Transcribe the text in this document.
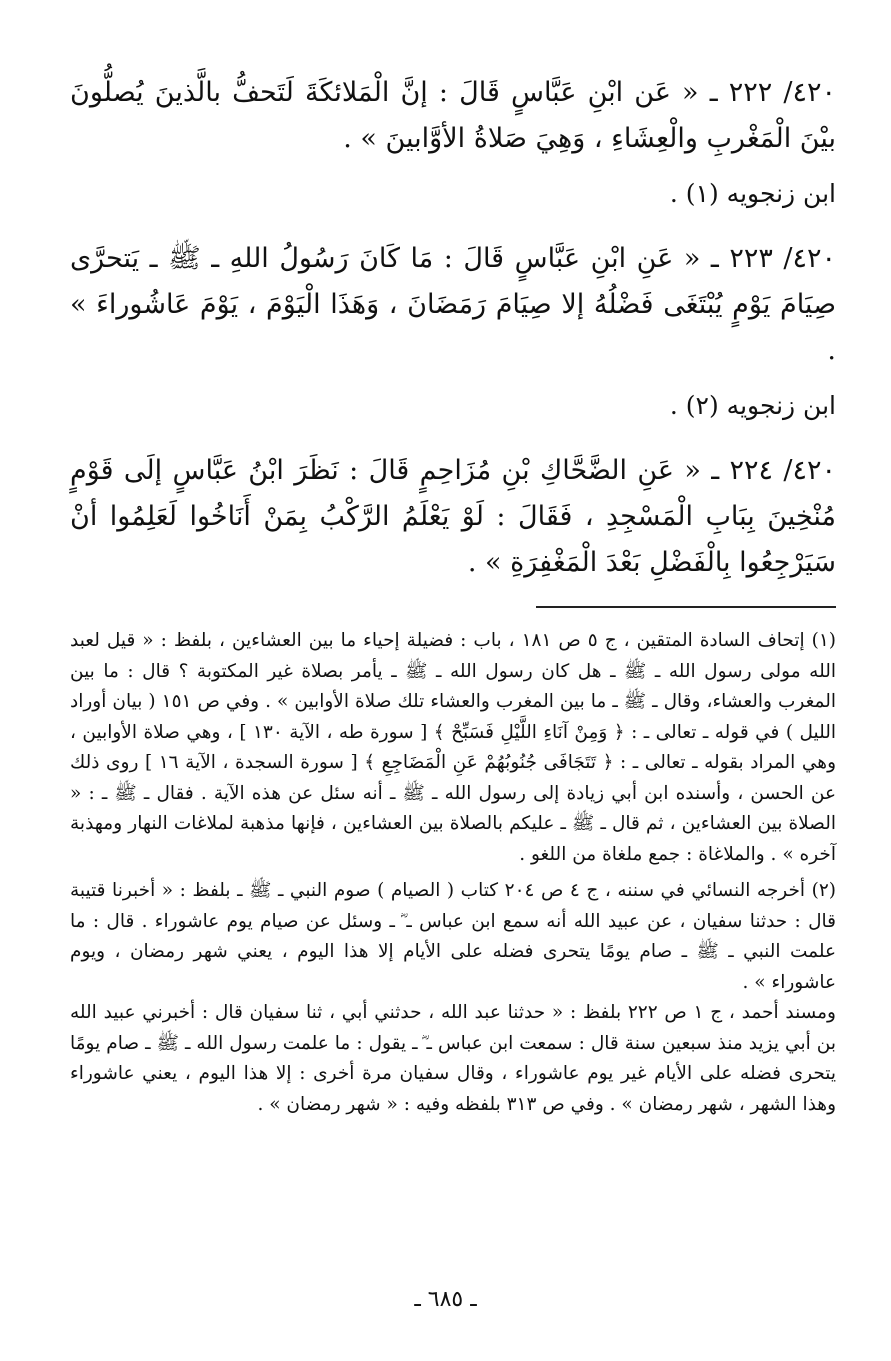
٤٢٠/ ٢٢٢ ـ « عَن ابْنِ عَبَّاسٍ قَالَ : إنَّ الْمَلائكَةَ لَتَحفُّ بالَّذينَ يُصلُّونَ بيْنَ الْمَغْربِ والْعِشَاءِ ، وَهِيَ صَلاةُ الأوَّابينَ » .

ابن زنجويه (١) .

٤٢٠/ ٢٢٣ ـ « عَنِ ابْنِ عَبَّاسٍ قَالَ : مَا كَانَ رَسُولُ اللهِ ـ ﷺ ـ يَتحرَّى صِيَامَ يَوْمٍ يُبْتَغَى فَضْلُهُ إلا صِيَامَ رَمَضَانَ ، وَهَذَا الْيَوْمَ ، يَوْمَ عَاشُوراءَ » .

ابن زنجويه (٢) .

٤٢٠/ ٢٢٤ ـ « عَنِ الضَّحَّاكِ بْنِ مُزَاحِمٍ قَالَ : نَظَرَ ابْنُ عَبَّاسٍ إلَى قَوْمٍ مُنْخِينَ بِبَابِ الْمَسْجِدِ ، فَقَالَ : لَوْ يَعْلَمُ الرَّكْبُ بِمَنْ أَنَاخُوا لَعَلِمُوا أنْ سَيَرْجِعُوا بِالْفَضْلِ بَعْدَ الْمَغْفِرَةِ » .

(١) إتحاف السادة المتقين ، ج ٥ ص ١٨١ ، باب : فضيلة إحياء ما بين العشاءين ، بلفظ : « قيل لعبد الله مولى رسول الله ـ ﷺ ـ هل كان رسول الله ـ ﷺ ـ يأمر بصلاة غير المكتوبة ؟ قال : ما بين المغرب والعشاء، وقال ـ ﷺ ـ ما بين المغرب والعشاء تلك صلاة الأوابين » . وفي ص ١٥١ ( بيان أوراد الليل ) في قوله ـ تعالى ـ : ﴿ وَمِنْ آنَاءِ اللَّيْلِ فَسَبِّحْ ﴾ [ سورة طه ، الآية ١٣٠ ] ، وهي صلاة الأوابين ، وهي المراد بقوله ـ تعالى ـ : ﴿ تَتَجَافَى جُنُوبُهُمْ عَنِ الْمَضَاجِعِ ﴾ [ سورة السجدة ، الآية ١٦ ] روى ذلك عن الحسن ، وأسنده ابن أبي زيادة إلى رسول الله ـ ﷺ ـ أنه سئل عن هذه الآية . فقال ـ ﷺ ـ : « الصلاة بين العشاءين ، ثم قال ـ ﷺ ـ عليكم بالصلاة بين العشاءين ، فإنها مذهبة لملاغات النهار ومهذبة آخره » . والملاغاة : جمع ملغاة من اللغو .

(٢) أخرجه النسائي في سننه ، ج ٤ ص ٢٠٤ كتاب ( الصيام ) صوم النبي ـ ﷺ ـ بلفظ : « أخبرنا قتيبة قال : حدثنا سفيان ، عن عبيد الله أنه سمع ابن عباس ـ ؓ ـ وسئل عن صيام يوم عاشوراء . قال : ما علمت النبي ـ ﷺ ـ صام يومًا يتحرى فضله على الأيام إلا هذا اليوم ، يعني شهر رمضان ، ويوم عاشوراء » .

ومسند أحمد ، ج ١ ص ٢٢٢ بلفظ : « حدثنا عبد الله ، حدثني أبي ، ثنا سفيان قال : أخبرني عبيد الله بن أبي يزيد منذ سبعين سنة قال : سمعت ابن عباس ـ ؓ ـ يقول : ما علمت رسول الله ـ ﷺ ـ صام يومًا يتحرى فضله على الأيام غير يوم عاشوراء ، وقال سفيان مرة أخرى : إلا هذا اليوم ، يعني عاشوراء وهذا الشهر ، شهر رمضان » . وفي ص ٣١٣ بلفظه وفيه : « شهر رمضان » .

ـ ٦٨٥ ـ
